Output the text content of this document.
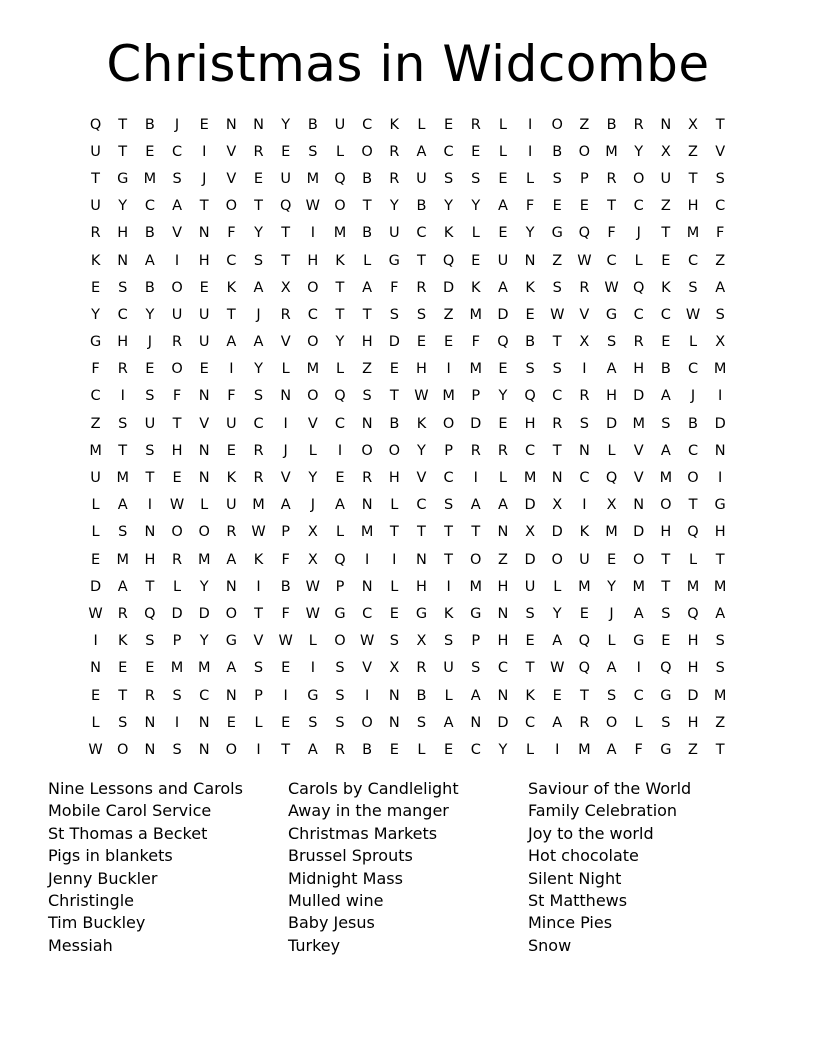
Christmas in Widcombe
Q	T	B	J	E	N	N	Y	B	U	C	K	L	E	R	L	I	O	Z	B	R	N	X	T
U	T	E	C	I	V	R	E	S	L	O	R	A	C	E	L	I	B	O	M	Y	X	Z	V
T	G	M	S	J	V	E	U	M	Q	B	R	U	S	S	E	L	S	P	R	O	U	T	S
U	Y	C	A	T	O	T	Q W O	T	Y	B	Y	Y	A	F	E	E	T	C	Z	H	C
R	H	B	V	N	F	Y	T	I	M	B	U	C	K	L	E	Y	G	Q	F	J	T	M	F
K	N	A	I	H	C	S	T	H	K	L	G	T	Q	E	U	N	Z	W	C	L	E	C	Z
E	S	B	O	E	K	A	X	O	T	A	F	R	D	K	A	K	S	R	W Q	K	S	A
Y	C	Y	U	U	T	J	R	C	T	T	S	S	Z	M	D	E	W	V	G	C	C	W	S
G	H	J	R	U	A	A	V	O	Y	H	D	E	E	F	Q	B	T	X	S	R	E	L	X
F	R	E	O	E	I	Y	L	M	L	Z	E	H	I	M	E	S	S	I	A	H	B	C	M
C	I	S	F	N	F	S	N	O	Q	S	T	W M	P	Y	Q	C	R	H	D	A	J	I
Z	S	U	T	V	U	C	I	V	C	N	B	K	O	D	E	H	R	S	D	M	S	B	D
M	T	S	H	N	E	R	J	L	I	O	O	Y	P	R	R	C	T	N	L	V	A	C	N
U	M	T	E	N	K	R	V	Y	E	R	H	V	C	I	L	M	N	C	Q	V	M	O	I
L	A	I	W	L	U	M	A	J	A	N	L	C	S	A	A	D	X	I	X	N	O	T	G
L	S	N	O	O	R	W	P	X	L	M	T	T	T	T	N	X	D	K	M	D	H	Q	H
E	M	H	R	M	A	K	F	X	Q	I	I	N	T	O	Z	D	O	U	E	O	T	L	T
D	A	T	L	Y	N	I	B	W	P	N	L	H	I	M	H	U	L	M	Y	M	T	M	M
W	R	Q	D	D	O	T	F	W G	C	E	G	K	G	N	S	Y	E	J	A	S	Q	A
I	K	S	P	Y	G	V	W	L	O W	S	X	S	P	H	E	A	Q	L	G	E	H	S
N	E	E	M	M	A	S	E	I	S	V	X	R	U	S	C	T	W Q	A	I	Q	H	S
E	T	R	S	C	N	P	I	G	S	I	N	B	L	A	N	K	E	T	S	C	G	D	M
L	S	N	I	N	E	L	E	S	S	O	N	S	A	N	D	C	A	R	O	L	S	H	Z
W O	N	S	N	O	I	T	A	R	B	E	L	E	C	Y	L	I	M	A	F	G	Z	T
Nine Lessons and Carols
Mobile Carol Service
St Thomas a Becket
Pigs in blankets
Jenny Buckler
Christingle
Tim Buckley
Messiah
Carols by Candlelight
Away in the manger
Christmas Markets
Brussel Sprouts
Midnight Mass
Mulled wine
Baby Jesus
Turkey
Saviour of the World
Family Celebration
Joy to the world
Hot chocolate
Silent Night
St Matthews
Mince Pies
Snow
